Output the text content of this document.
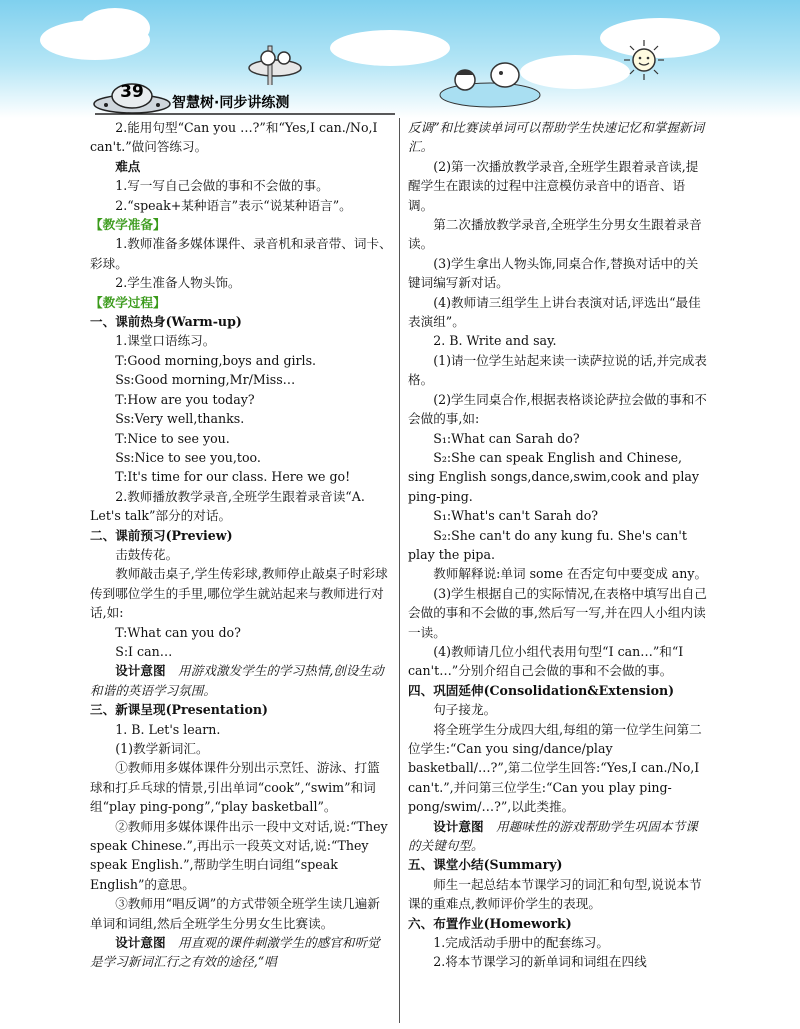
39
智慧树·同步讲练测

2.能用句型“Can you …?”和“Yes,I can./No,I can't.”做问答练习。

难点

1.写一写自己会做的事和不会做的事。

2.“speak+某种语言”表示“说某种语言”。

【教学准备】

1.教师准备多媒体课件、录音机和录音带、词卡、彩球。

2.学生准备人物头饰。

【教学过程】

一、课前热身(Warm-up)

1.课堂口语练习。

T:Good morning,boys and girls.

Ss:Good morning,Mr/Miss…

T:How are you today?

Ss:Very well,thanks.

T:Nice to see you.

Ss:Nice to see you,too.

T:It's time for our class. Here we go!

2.教师播放教学录音,全班学生跟着录音读“A. Let's talk”部分的对话。

二、课前预习(Preview)

击鼓传花。

教师敲击桌子,学生传彩球,教师停止敲桌子时彩球传到哪位学生的手里,哪位学生就站起来与教师进行对话,如:

T:What can you do?

S:I can…

设计意图　 用游戏激发学生的学习热情,创设生动和谐的英语学习氛围。

三、新课呈现(Presentation)

1. B. Let's learn.

(1)教学新词汇。

①教师用多媒体课件分别出示烹饪、游泳、打篮球和打乒乓球的情景,引出单词“cook”,“swim”和词组“play ping-pong”,“play basketball”。

②教师用多媒体课件出示一段中文对话,说:“They speak Chinese.”,再出示一段英文对话,说:“They speak English.”,帮助学生明白词组“speak English”的意思。

③教师用“唱反调”的方式带领全班学生读几遍新单词和词组,然后全班学生分男女生比赛读。

设计意图　 用直观的课件刺激学生的感官和听觉是学习新词汇行之有效的途径,“唱

反调”和比赛读单词可以帮助学生快速记忆和掌握新词汇。

(2)第一次播放教学录音,全班学生跟着录音读,提醒学生在跟读的过程中注意模仿录音中的语音、语调。

第二次播放教学录音,全班学生分男女生跟着录音读。

(3)学生拿出人物头饰,同桌合作,替换对话中的关键词编写新对话。

(4)教师请三组学生上讲台表演对话,评选出“最佳表演组”。

2. B. Write and say.

(1)请一位学生站起来读一读萨拉说的话,并完成表格。

(2)学生同桌合作,根据表格谈论萨拉会做的事和不会做的事,如:

S₁:What can Sarah do?

S₂:She can speak English and Chinese, sing English songs,dance,swim,cook and play ping-ping.

S₁:What's can't Sarah do?

S₂:She can't do any kung fu. She's can't play the pipa.

教师解释说:单词 some 在否定句中要变成 any。

(3)学生根据自己的实际情况,在表格中填写出自己会做的事和不会做的事,然后写一写,并在四人小组内读一读。

(4)教师请几位小组代表用句型“I can…”和“I can't…”分别介绍自己会做的事和不会做的事。

四、巩固延伸(Consolidation&Extension)

句子接龙。

将全班学生分成四大组,每组的第一位学生问第二位学生:“Can you sing/dance/play basketball/…?”,第二位学生回答:“Yes,I can./No,I can't.”,并问第三位学生:“Can you play ping-pong/swim/…?”,以此类推。

设计意图　 用趣味性的游戏帮助学生巩固本节课的关键句型。

五、课堂小结(Summary)

师生一起总结本节课学习的词汇和句型,说说本节课的重难点,教师评价学生的表现。

六、布置作业(Homework)

1.完成活动手册中的配套练习。

2.将本节课学习的新单词和词组在四线
